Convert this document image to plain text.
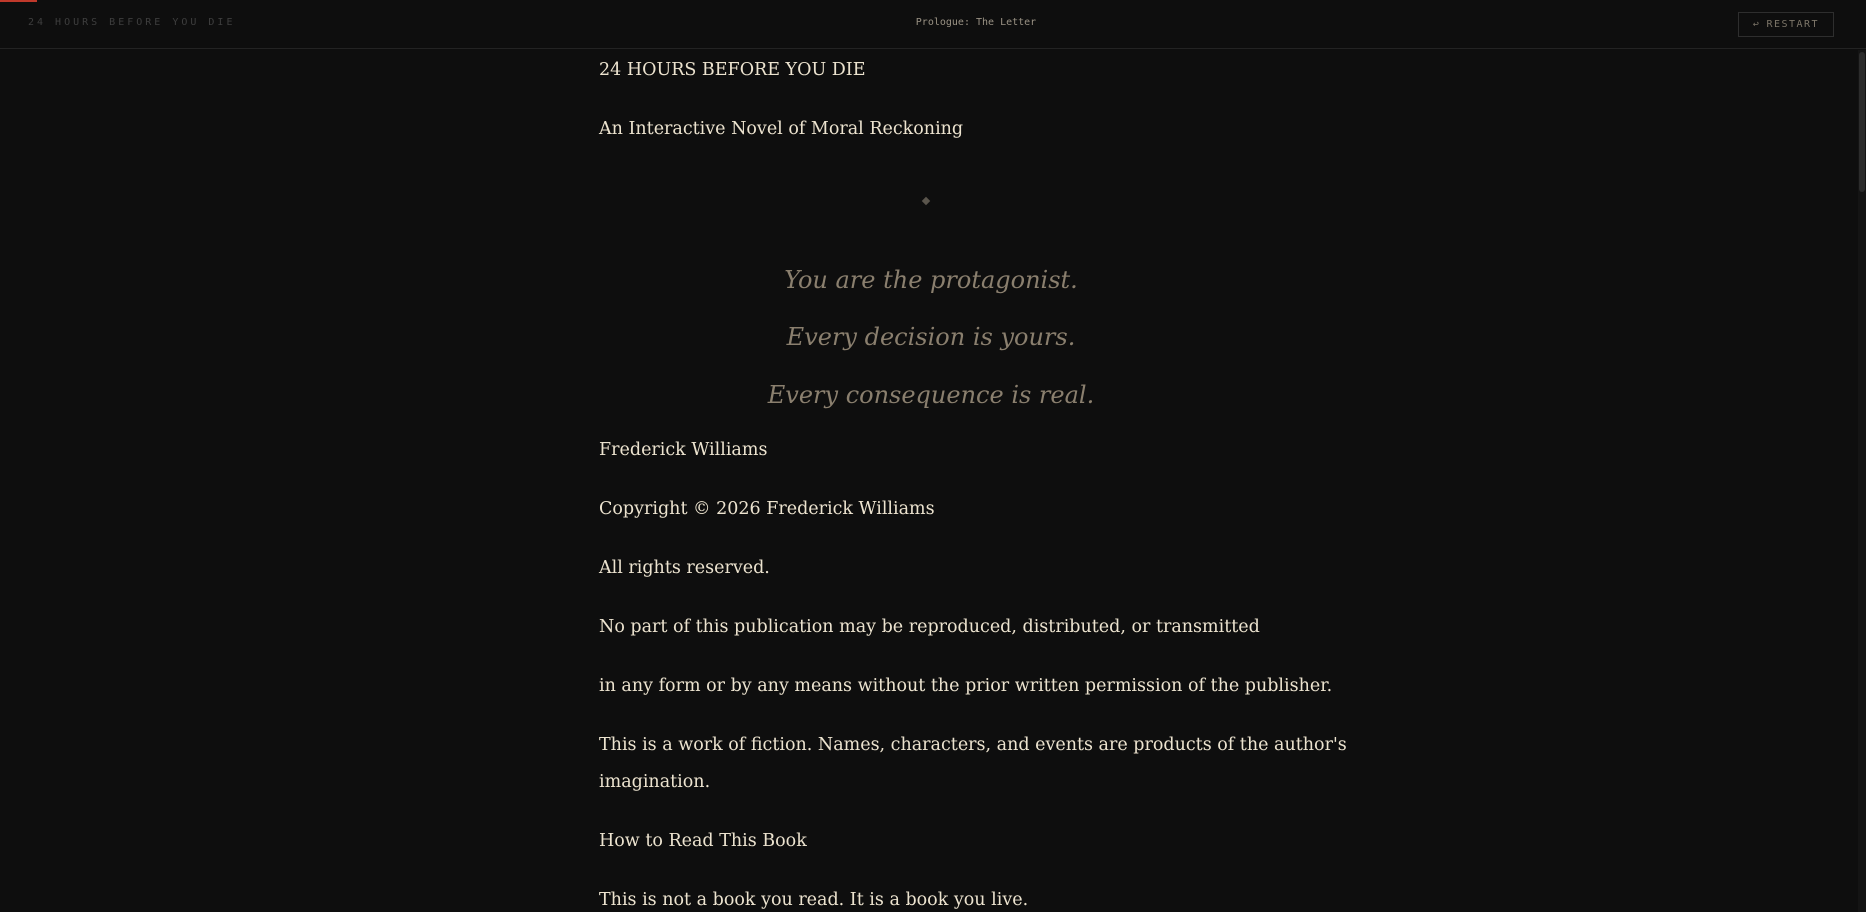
24 HOURS BEFORE YOU DIE	Prologue: The Letter	↩ RESTART
24 HOURS BEFORE YOU DIE
An Interactive Novel of Moral Reckoning
You are the protagonist.
Every decision is yours.
Every consequence is real.
Frederick Williams
Copyright © 2026 Frederick Williams
All rights reserved.
No part of this publication may be reproduced, distributed, or transmitted
in any form or by any means without the prior written permission of the publisher.
This is a work of fiction. Names, characters, and events are products of the author's
imagination.
How to Read This Book
This is not a book you read. It is a book you live.
